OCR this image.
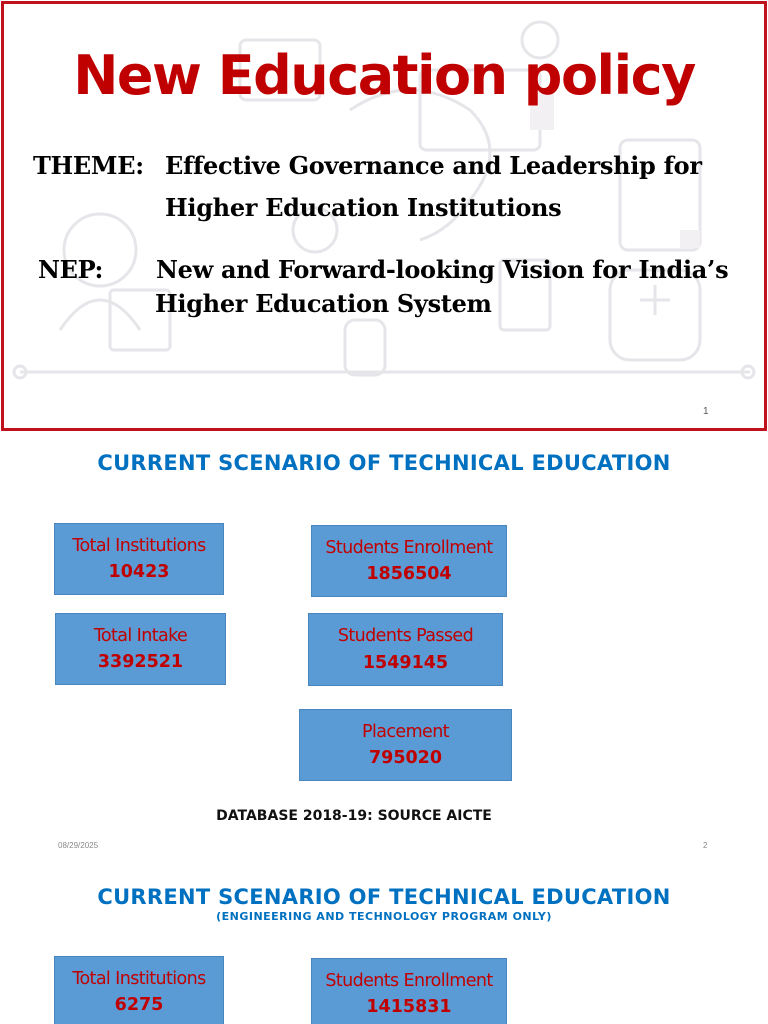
New Education policy
THEME: Effective Governance and Leadership for
Higher Education Institutions
NEP: New and Forward-looking Vision for India’s
Higher Education System
1
CURRENT SCENARIO OF TECHNICAL EDUCATION
Total Institutions
10423
Students Enrollment
1856504
Total Intake
3392521
Students Passed
1549145
Placement
795020
DATABASE 2018-19: SOURCE AICTE
08/29/2025	2
CURRENT SCENARIO OF TECHNICAL EDUCATION
(ENGINEERING AND TECHNOLOGY PROGRAM ONLY)
Total Institutions
6275
Students Enrollment
1415831
